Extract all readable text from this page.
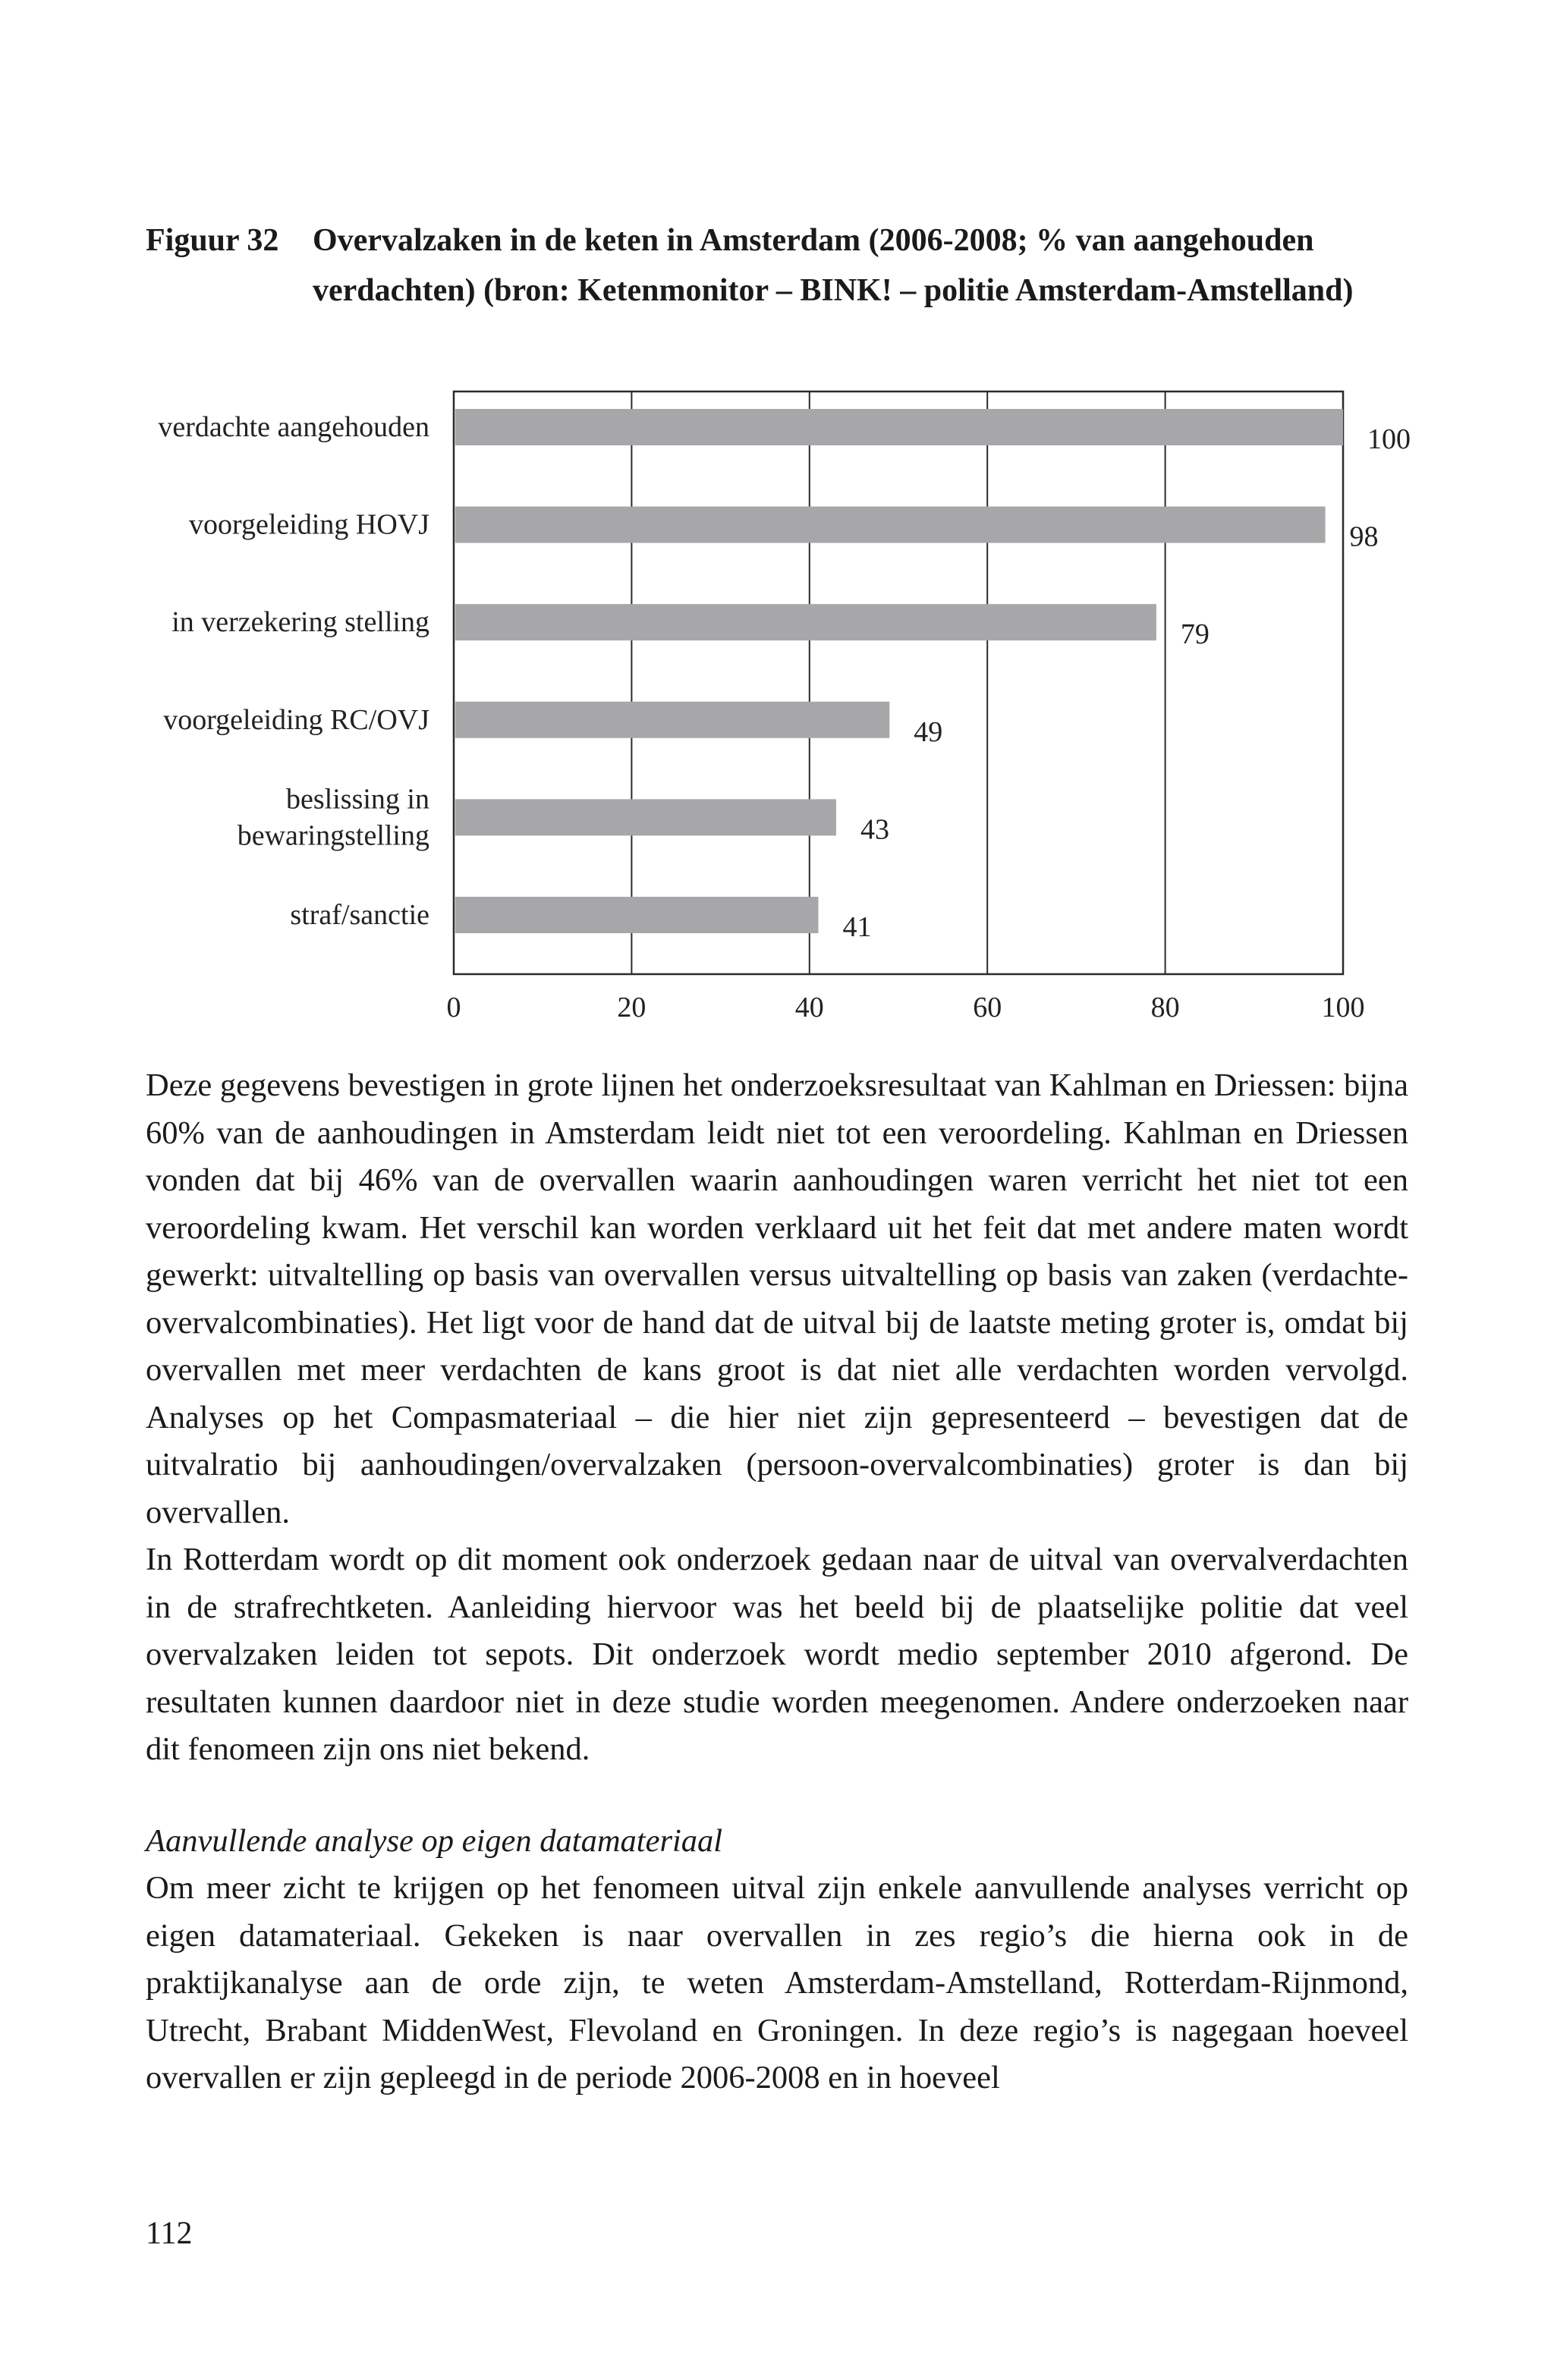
Figuur 32 Overvalzaken in de keten in Amsterdam (2006-2008; % van aangehouden verdachten) (bron: Ketenmonitor – BINK! – politie Amsterdam-Amstelland)
100
verdachte aangehouden
98
voorgeleiding HOVJ
79
in verzekering stelling
49
voorgeleiding RC/OVJ
43
beslissing in bewaringstelling
41
straf/sanctie
0	20	40	60	80	100

Deze gegevens bevestigen in grote lijnen het onderzoeksresultaat van Kahlman en Driessen: bijna 60% van de aanhoudingen in Amsterdam leidt niet tot een veroordeling. Kahlman en Driessen vonden dat bij 46% van de overvallen waarin aanhoudingen waren verricht het niet tot een veroordeling kwam. Het verschil kan worden verklaard uit het feit dat met andere maten wordt gewerkt: uitvaltelling op basis van overvallen versus uitvaltelling op basis van zaken (verdachte-overvalcombinaties). Het ligt voor de hand dat de uitval bij de laatste meting groter is, omdat bij overvallen met meer verdachten de kans groot is dat niet alle verdachten worden vervolgd. Analyses op het Compasmateriaal – die hier niet zijn gepresenteerd – bevestigen dat de uitvalratio bij aanhoudingen/overvalzaken (persoon-overvalcombinaties) groter is dan bij overvallen.

In Rotterdam wordt op dit moment ook onderzoek gedaan naar de uitval van overvalverdachten in de strafrechtketen. Aanleiding hiervoor was het beeld bij de plaatselijke politie dat veel overvalzaken leiden tot sepots. Dit onderzoek wordt medio september 2010 afgerond. De resultaten kunnen daardoor niet in deze studie worden meegenomen. Andere onderzoeken naar dit fenomeen zijn ons niet bekend.

Aanvullende analyse op eigen datamateriaal

Om meer zicht te krijgen op het fenomeen uitval zijn enkele aanvullende analyses verricht op eigen datamateriaal. Gekeken is naar overvallen in zes regio’s die hierna ook in de praktijkanalyse aan de orde zijn, te weten Amsterdam-Amstelland, Rotterdam-Rijnmond, Utrecht, Brabant MiddenWest, Flevoland en Groningen. In deze regio’s is nagegaan hoeveel overvallen er zijn gepleegd in de periode 2006-2008 en in hoeveel

112
